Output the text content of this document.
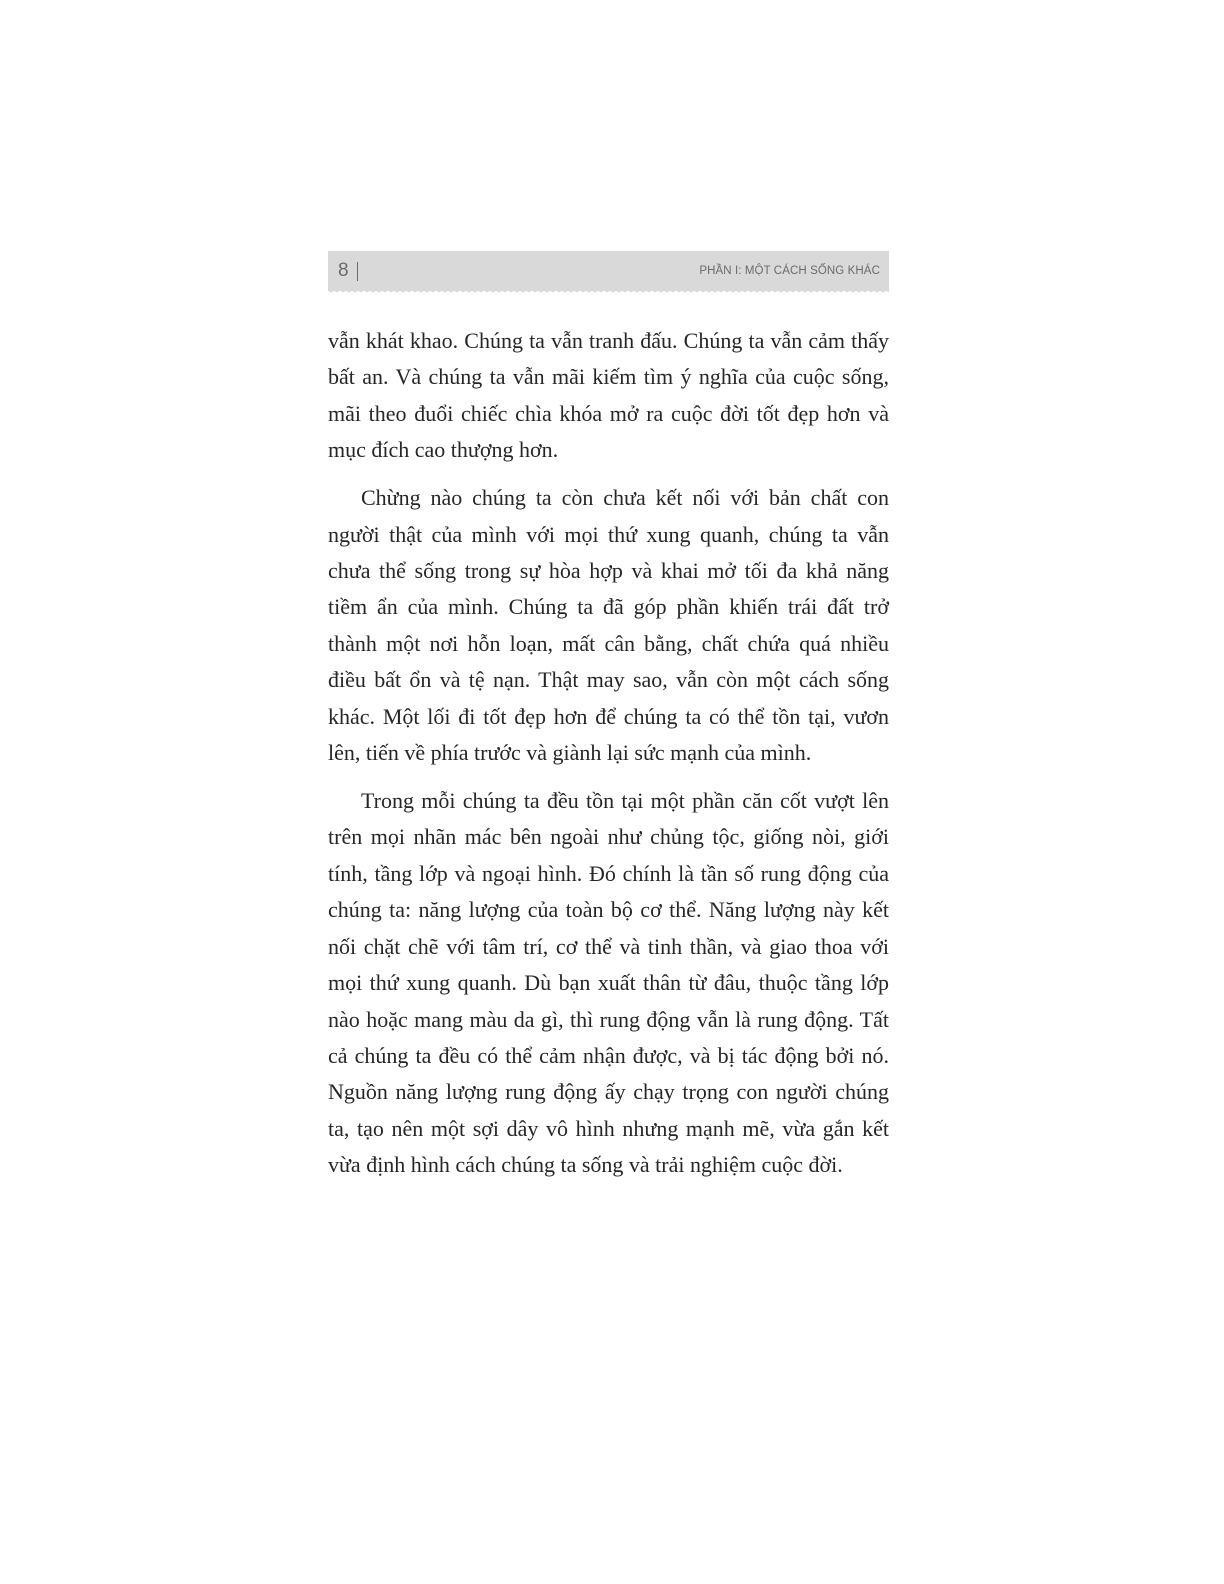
8	PHẦN I: MỘT CÁCH SỐNG KHÁC

vẫn khát khao. Chúng ta vẫn tranh đấu. Chúng ta vẫn cảm thấy bất an. Và chúng ta vẫn mãi kiếm tìm ý nghĩa của cuộc sống, mãi theo đuổi chiếc chìa khóa mở ra cuộc đời tốt đẹp hơn và mục đích cao thượng hơn.

Chừng nào chúng ta còn chưa kết nối với bản chất con người thật của mình với mọi thứ xung quanh, chúng ta vẫn chưa thể sống trong sự hòa hợp và khai mở tối đa khả năng tiềm ẩn của mình. Chúng ta đã góp phần khiến trái đất trở thành một nơi hỗn loạn, mất cân bằng, chất chứa quá nhiều điều bất ổn và tệ nạn. Thật may sao, vẫn còn một cách sống khác. Một lối đi tốt đẹp hơn để chúng ta có thể tồn tại, vươn lên, tiến về phía trước và giành lại sức mạnh của mình.

Trong mỗi chúng ta đều tồn tại một phần căn cốt vượt lên trên mọi nhãn mác bên ngoài như chủng tộc, giống nòi, giới tính, tầng lớp và ngoại hình. Đó chính là tần số rung động của chúng ta: năng lượng của toàn bộ cơ thể. Năng lượng này kết nối chặt chẽ với tâm trí, cơ thể và tinh thần, và giao thoa với mọi thứ xung quanh. Dù bạn xuất thân từ đâu, thuộc tầng lớp nào hoặc mang màu da gì, thì rung động vẫn là rung động. Tất cả chúng ta đều có thể cảm nhận được, và bị tác động bởi nó. Nguồn năng lượng rung động ấy chạy trọng con người chúng ta, tạo nên một sợi dây vô hình nhưng mạnh mẽ, vừa gắn kết vừa định hình cách chúng ta sống và trải nghiệm cuộc đời.
